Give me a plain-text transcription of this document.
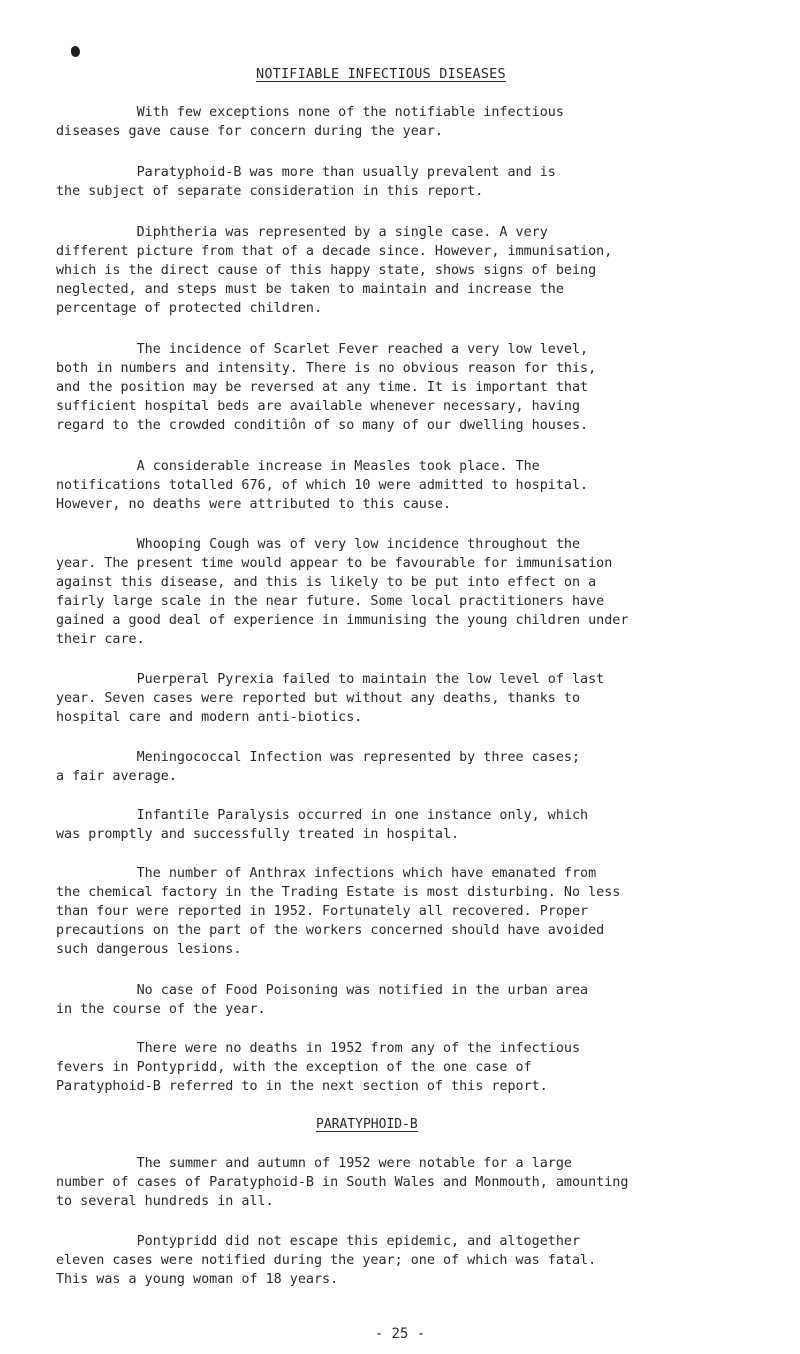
NOTIFIABLE INFECTIOUS DISEASES
With few exceptions none of the notifiable infectious
diseases gave cause for concern during the year.
Paratyphoid-B was more than usually prevalent and is
the subject of separate consideration in this report.
Diphtheria was represented by a single case. A very
different picture from that of a decade since. However, immunisation,
which is the direct cause of this happy state, shows signs of being
neglected, and steps must be taken to maintain and increase the
percentage of protected children.
The incidence of Scarlet Fever reached a very low level,
both in numbers and intensity. There is no obvious reason for this,
and the position may be reversed at any time. It is important that
sufficient hospital beds are available whenever necessary, having
regard to the crowded conditiôn of so many of our dwelling houses.
A considerable increase in Measles took place. The
notifications totalled 676, of which 10 were admitted to hospital.
However, no deaths were attributed to this cause.
Whooping Cough was of very low incidence throughout the
year. The present time would appear to be favourable for immunisation
against this disease, and this is likely to be put into effect on a
fairly large scale in the near future. Some local practitioners have
gained a good deal of experience in immunising the young children under
their care.
Puerperal Pyrexia failed to maintain the low level of last
year. Seven cases were reported but without any deaths, thanks to
hospital care and modern anti-biotics.
Meningococcal Infection was represented by three cases;
a fair average.
Infantile Paralysis occurred in one instance only, which
was promptly and successfully treated in hospital.
The number of Anthrax infections which have emanated from
the chemical factory in the Trading Estate is most disturbing. No less
than four were reported in 1952. Fortunately all recovered. Proper
precautions on the part of the workers concerned should have avoided
such dangerous lesions.
No case of Food Poisoning was notified in the urban area
in the course of the year.
There were no deaths in 1952 from any of the infectious
fevers in Pontypridd, with the exception of the one case of
Paratyphoid-B referred to in the next section of this report.
PARATYPHOID-B
The summer and autumn of 1952 were notable for a large
number of cases of Paratyphoid-B in South Wales and Monmouth, amounting
to several hundreds in all.
Pontypridd did not escape this epidemic, and altogether
eleven cases were notified during the year; one of which was fatal.
This was a young woman of 18 years.
- 25 -
